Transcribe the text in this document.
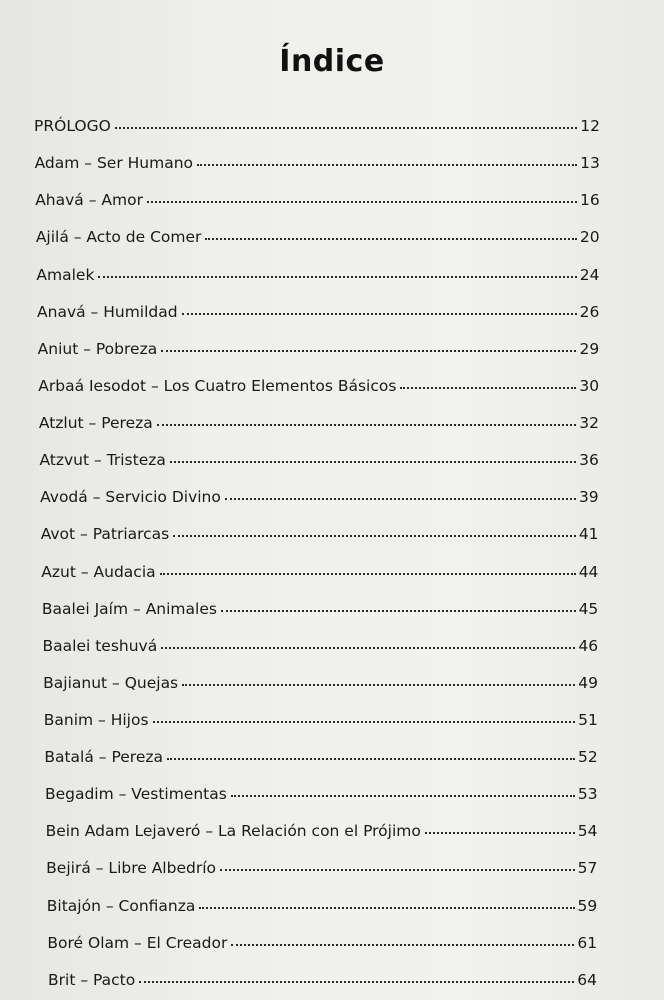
Índice
PRÓLOGO	12
Adam – Ser Humano	13
Ahavá – Amor	16
Ajilá – Acto de Comer	20
Amalek	24
Anavá – Humildad	26
Aniut – Pobreza	29
Arbaá Iesodot – Los Cuatro Elementos Básicos	30
Atzlut – Pereza	32
Atzvut – Tristeza	36
Avodá – Servicio Divino	39
Avot – Patriarcas	41
Azut – Audacia	44
Baalei Jaím – Animales	45
Baalei teshuvá	46
Bajianut – Quejas	49
Banim – Hijos	51
Batalá – Pereza	52
Begadim – Vestimentas	53
Bein Adam Lejaveró – La Relación con el Prójimo	54
Bejirá – Libre Albedrío	57
Bitajón – Confianza	59
Boré Olam – El Creador	61
Brit – Pacto	64
